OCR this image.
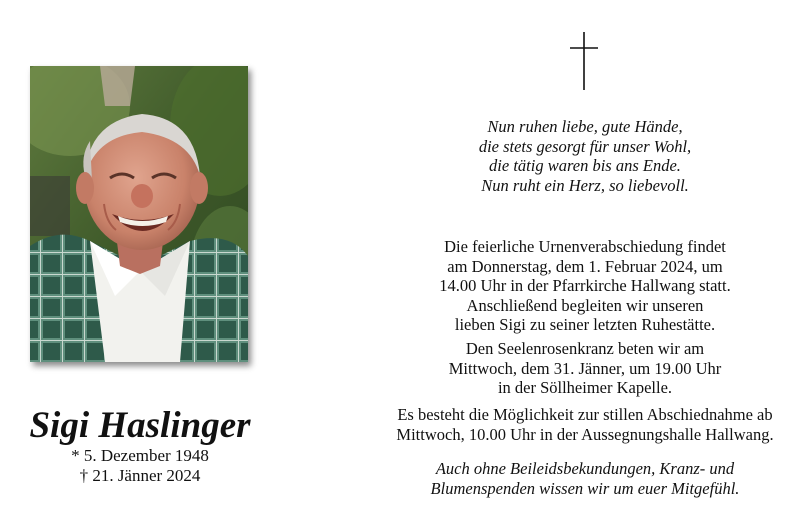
Sigi Haslinger
* 5. Dezember 1948
† 21. Jänner 2024
Nun ruhen liebe, gute Hände,
die stets gesorgt für unser Wohl,
die tätig waren bis ans Ende.
Nun ruht ein Herz, so liebevoll.
Die feierliche Urnenverabschiedung findet
am Donnerstag, dem 1. Februar 2024, um
14.00 Uhr in der Pfarrkirche Hallwang statt.
Anschließend begleiten wir unseren
lieben Sigi zu seiner letzten Ruhestätte.
Den Seelenrosenkranz beten wir am
Mittwoch, dem 31. Jänner, um 19.00 Uhr
in der Söllheimer Kapelle.
Es besteht die Möglichkeit zur stillen Abschiednahme ab
Mittwoch, 10.00 Uhr in der Aussegnungshalle Hallwang.
Auch ohne Beileidsbekundungen, Kranz- und
Blumenspenden wissen wir um euer Mitgefühl.
